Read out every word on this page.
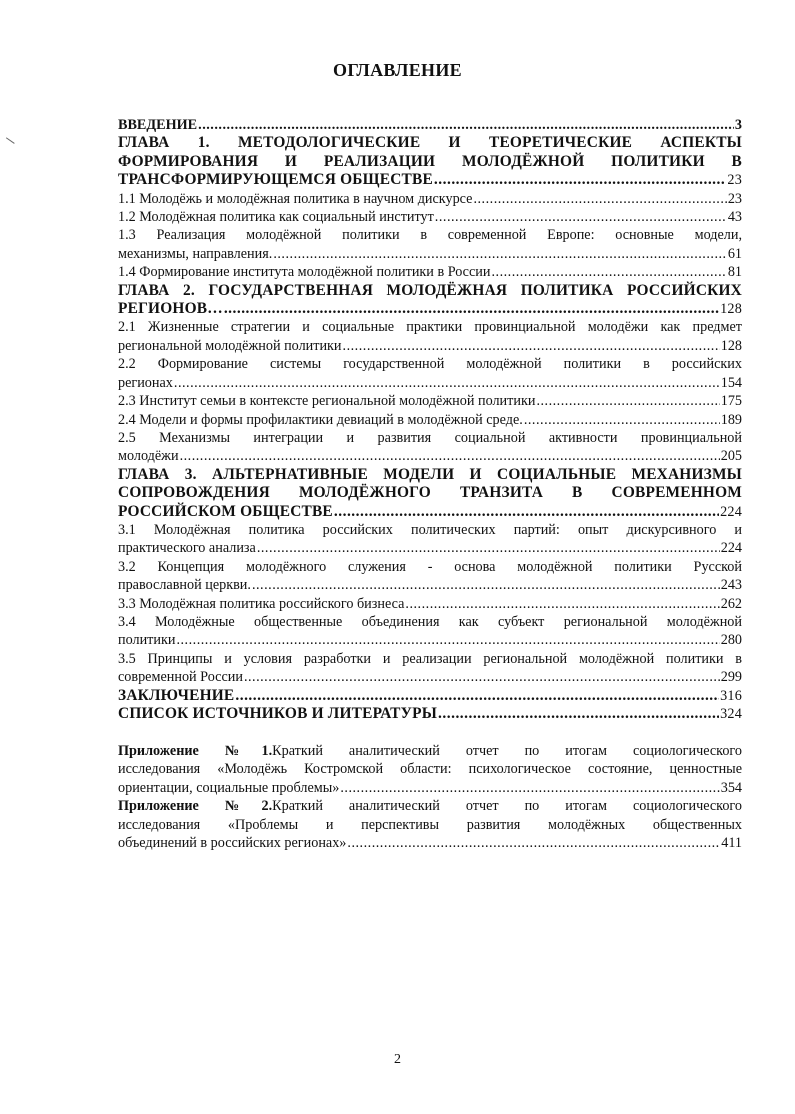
ОГЛАВЛЕНИЕ
ВВЕДЕНИЕ .....	3
ГЛАВА 1. МЕТОДОЛОГИЧЕСКИЕ И ТЕОРЕТИЧЕСКИЕ АСПЕКТЫ
ФОРМИРОВАНИЯ И РЕАЛИЗАЦИИ МОЛОДЁЖНОЙ ПОЛИТИКИ В
ТРАНСФОРМИРУЮЩЕМСЯ ОБЩЕСТВЕ .....	23
1.1 Молодёжь и молодёжная политика в научном дискурсе .....	23
1.2 Молодёжная политика как социальный институт .....	43
1.3 Реализация молодёжной политики в современной Европе: основные модели,
механизмы, направления. .....	61
1.4 Формирование института молодёжной политики в России .....	81
ГЛАВА 2. ГОСУДАРСТВЕННАЯ МОЛОДЁЖНАЯ ПОЛИТИКА РОССИЙСКИХ
РЕГИОНОВ… .....	128
2.1 Жизненные стратегии и социальные практики провинциальной молодёжи как предмет
региональной молодёжной политики .....	128
2.2 Формирование системы государственной молодёжной политики в российских
регионах .....	154
2.3 Институт семьи в контексте региональной молодёжной политики .....	175
2.4 Модели и формы профилактики девиаций в молодёжной среде. .....	189
2.5 Механизмы интеграции и развития социальной активности провинциальной
молодёжи .....	205
ГЛАВА 3. АЛЬТЕРНАТИВНЫЕ МОДЕЛИ И СОЦИАЛЬНЫЕ МЕХАНИЗМЫ
СОПРОВОЖДЕНИЯ МОЛОДЁЖНОГО ТРАНЗИТА В СОВРЕМЕННОМ
РОССИЙСКОМ ОБЩЕСТВЕ .....	224
3.1 Молодёжная политика российских политических партий: опыт дискурсивного и
практического анализа .....	224
3.2 Концепция молодёжного служения - основа молодёжной политики Русской
православной церкви. .....	243
3.3 Молодёжная политика российского бизнеса .....	262
3.4 Молодёжные общественные объединения как субъект региональной молодёжной
политики .....	280
3.5 Принципы и условия разработки и реализации региональной молодёжной политики в
современной России .....	299
ЗАКЛЮЧЕНИЕ .....	316
СПИСОК ИСТОЧНИКОВ И ЛИТЕРАТУРЫ .....	324
Приложение №1.Краткий аналитический отчет по итогам социологического
исследования «Молодёжь Костромской области: психологическое состояние, ценностные
ориентации, социальные проблемы» .....	354
Приложение №2.Краткий аналитический отчет по итогам социологического
исследования «Проблемы и перспективы развития молодёжных общественных
объединений в российских регионах» .....	411
2
